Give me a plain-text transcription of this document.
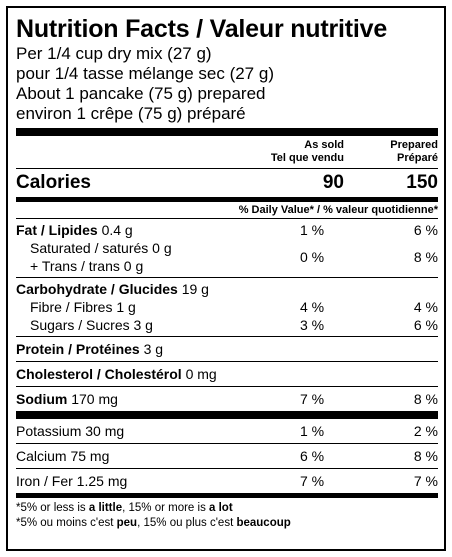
Nutrition Facts / Valeur nutritive
Per 1/4 cup dry mix (27 g)
pour 1/4 tasse mélange sec (27 g)
About 1 pancake (75 g) prepared
environ 1 crêpe (75 g) préparé
As sold
Tel que vendu
Prepared
Préparé
Calories	90	150
% Daily Value* / % valeur quotidienne*
Fat / Lipides 0.4 g	1 %	6 %
Saturated / saturés 0 g
+ Trans / trans 0 g
0 %	8 %
Carbohydrate / Glucides 19 g
Fibre / Fibres 1 g	4 %	4 %
Sugars / Sucres 3 g	3 %	6 %
Protein / Protéines 3 g
Cholesterol / Cholestérol 0 mg
Sodium 170 mg	7 %	8 %
Potassium 30 mg	1 %	2 %
Calcium 75 mg	6 %	8 %
Iron / Fer 1.25 mg	7 %	7 %
*5% or less is a little, 15% or more is a lot
*5% ou moins c'est peu, 15% ou plus c'est beaucoup
